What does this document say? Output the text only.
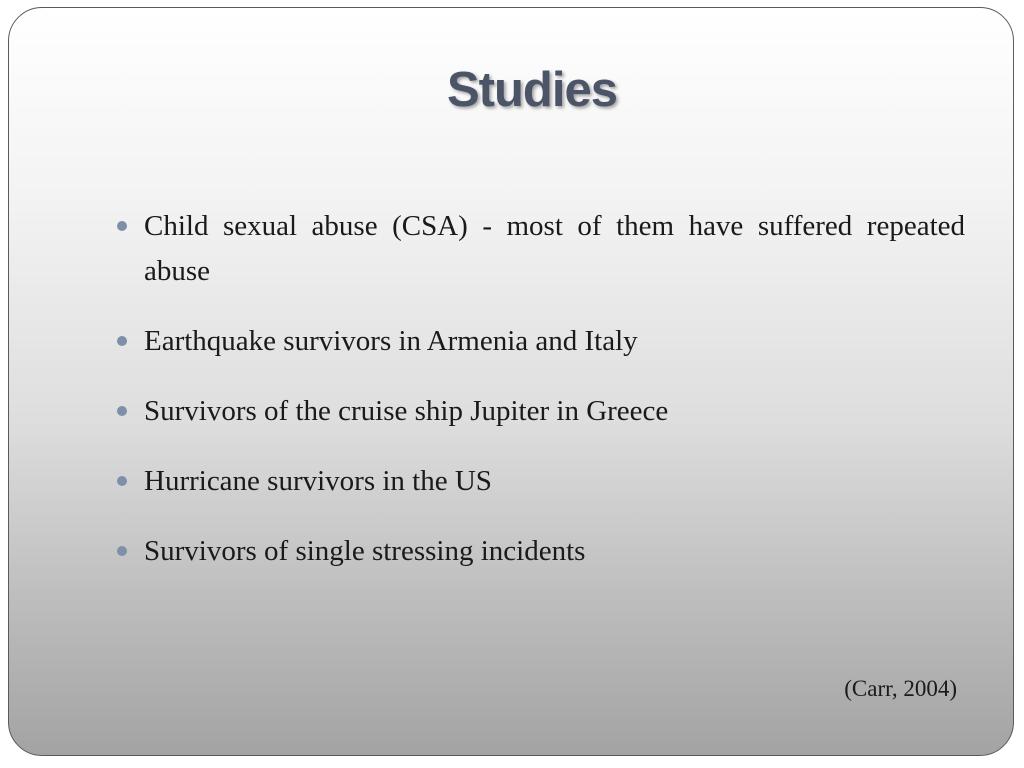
Studies
Child sexual abuse (CSA) - most of them have suffered repeated abuse
Earthquake survivors in Armenia and Italy
Survivors of the cruise ship Jupiter in Greece
Hurricane survivors in the US
Survivors of single stressing incidents
(Carr, 2004)
